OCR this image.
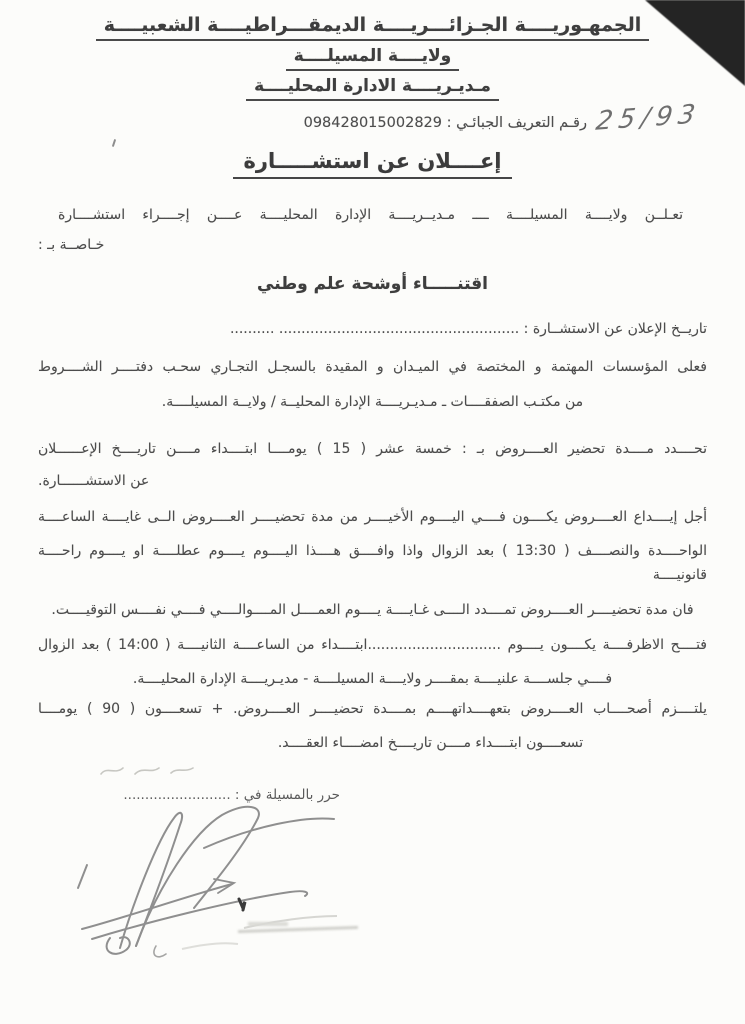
الجمهـوريــــة الجـزائـــريــــة الديمقـــراطيــــة الشعبيــــة
ولايــــة المسيلــــة
مـديـريــــة الادارة المحليــــة
رقـم التعريف الجبائـي : 098428015002829 25/93
إعــــلان عن استشـــــارة
تعـلــن ولايــــة المسيلــــة ــــ مـديــريــــة الإدارة المحليــــة عــــن إجــــراء استشــــارة
خـاصــة بـ :
اقتنـــــاء أوشحة علم وطني
تاريــخ الإعلان عن الاستشــارة : ...................................................... ..........
فعلى المؤسسات المهتمة و المختصة في الميـدان و المقيدة بالسجـل التجـاري سحـب دفتــــر الشــــروط
من مكتـب الصفقــــات ـ مـديـريــــة الإدارة المحليــة / ولايــة المسيلــــة.
تحــــدد مــــدة تحضير العــــروض بـ : خمسة عشر ( 15 ) يومــــا ابتــــداء مــــن تاريــــخ الإعــــــلان
عن الاستشــــــارة.
أجل إيــــداع العــــروض يكــــون فــــي اليــــوم الأخيــــر من مدة تحضيــــر العــــروض الــى غايــــة الساعــــة
الواحــــدة والنصــــف ( 13:30 ) بعد الزوال واذا وافــــق هــــذا اليــــوم يــــوم عطلــــة او يــــوم راحــــة قانونيــــة
فان مدة تحضيــــر العــــروض تمــــدد الــــى غـايــــة يــــوم العمــــل المــــوالــــي فــــي نفــــس التوقيــــت.
فتــــح الاظرفــــة يكــــون يــــوم ..............................ابتــــداء من الساعــــة الثانيــــة ( 14:00 ) بعد الزوال
فــــي جلســــة علنيــــة بمقــــر ولايــــة المسيلــــة - مديـريــــة الإدارة المحليــــة.
يلتــــزم أصحــــاب العــــروض بتعهــــداتهــــم بمــــدة تحضيــــر العــــروض. + تسعــــون ( 90 ) يومــــا
تسعــــون ابتــــداء مــــن تاريــــخ امضــــاء العقــــد.
حرر بالمسيلة في : .........................
